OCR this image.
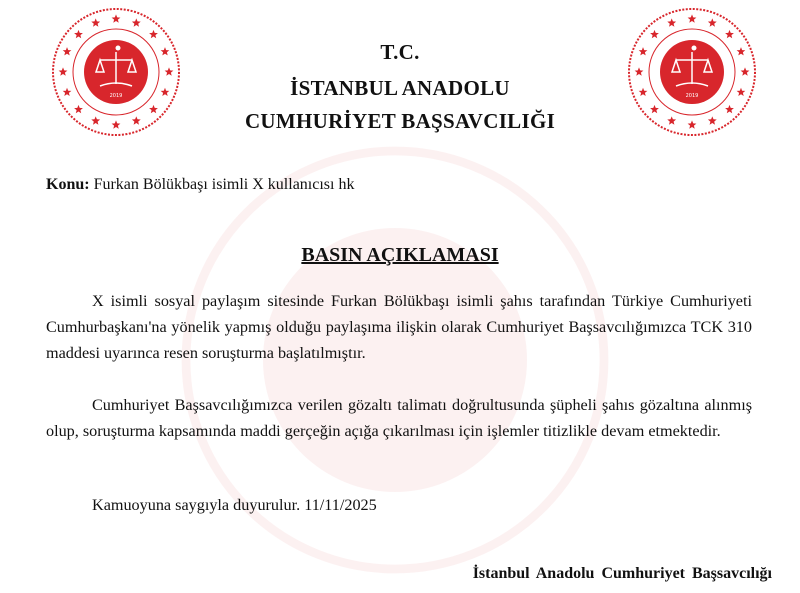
2019	2019
T.C.
İSTANBUL ANADOLU
CUMHURİYET BAŞSAVCILIĞI
Konu: Furkan Bölükbaşı isimli X kullanıcısı hk
BASIN AÇIKLAMASI
X isimli sosyal paylaşım sitesinde Furkan Bölükbaşı isimli şahıs tarafından Türkiye Cumhuriyeti Cumhurbaşkanı'na yönelik yapmış olduğu paylaşıma ilişkin olarak Cumhuriyet Başsavcılığımızca TCK 310 maddesi uyarınca resen soruşturma başlatılmıştır.
Cumhuriyet Başsavcılığımızca verilen gözaltı talimatı doğrultusunda şüpheli şahıs gözaltına alınmış olup, soruşturma kapsamında maddi gerçeğin açığa çıkarılması için işlemler titizlikle devam etmektedir.
Kamuoyuna saygıyla duyurulur. 11/11/2025
İstanbul Anadolu Cumhuriyet Başsavcılığı
